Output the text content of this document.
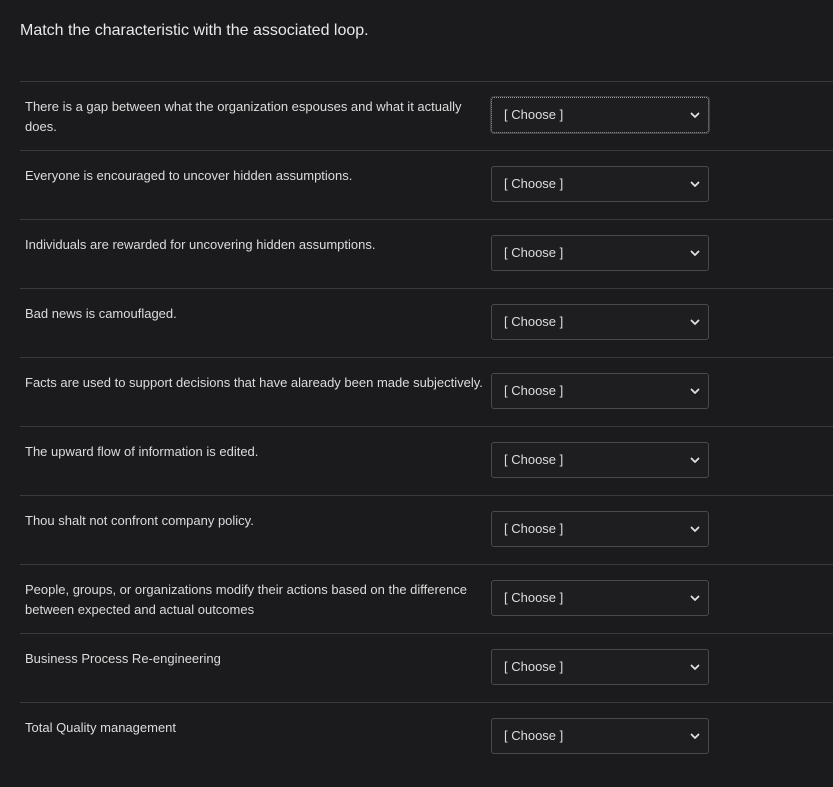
Match the characteristic with the associated loop.
There is a gap between what the organization espouses and what it actually does.
[ Choose ]
Everyone is encouraged to uncover hidden assumptions.
[ Choose ]
Individuals are rewarded for uncovering hidden assumptions.
[ Choose ]
Bad news is camouflaged.
[ Choose ]
Facts are used to support decisions that have alaready been made subjectively.
[ Choose ]
The upward flow of information is edited.
[ Choose ]
Thou shalt not confront company policy.
[ Choose ]
People, groups, or organizations modify their actions based on the difference between expected and actual outcomes
[ Choose ]
Business Process Re-engineering
[ Choose ]
Total Quality management
[ Choose ]
